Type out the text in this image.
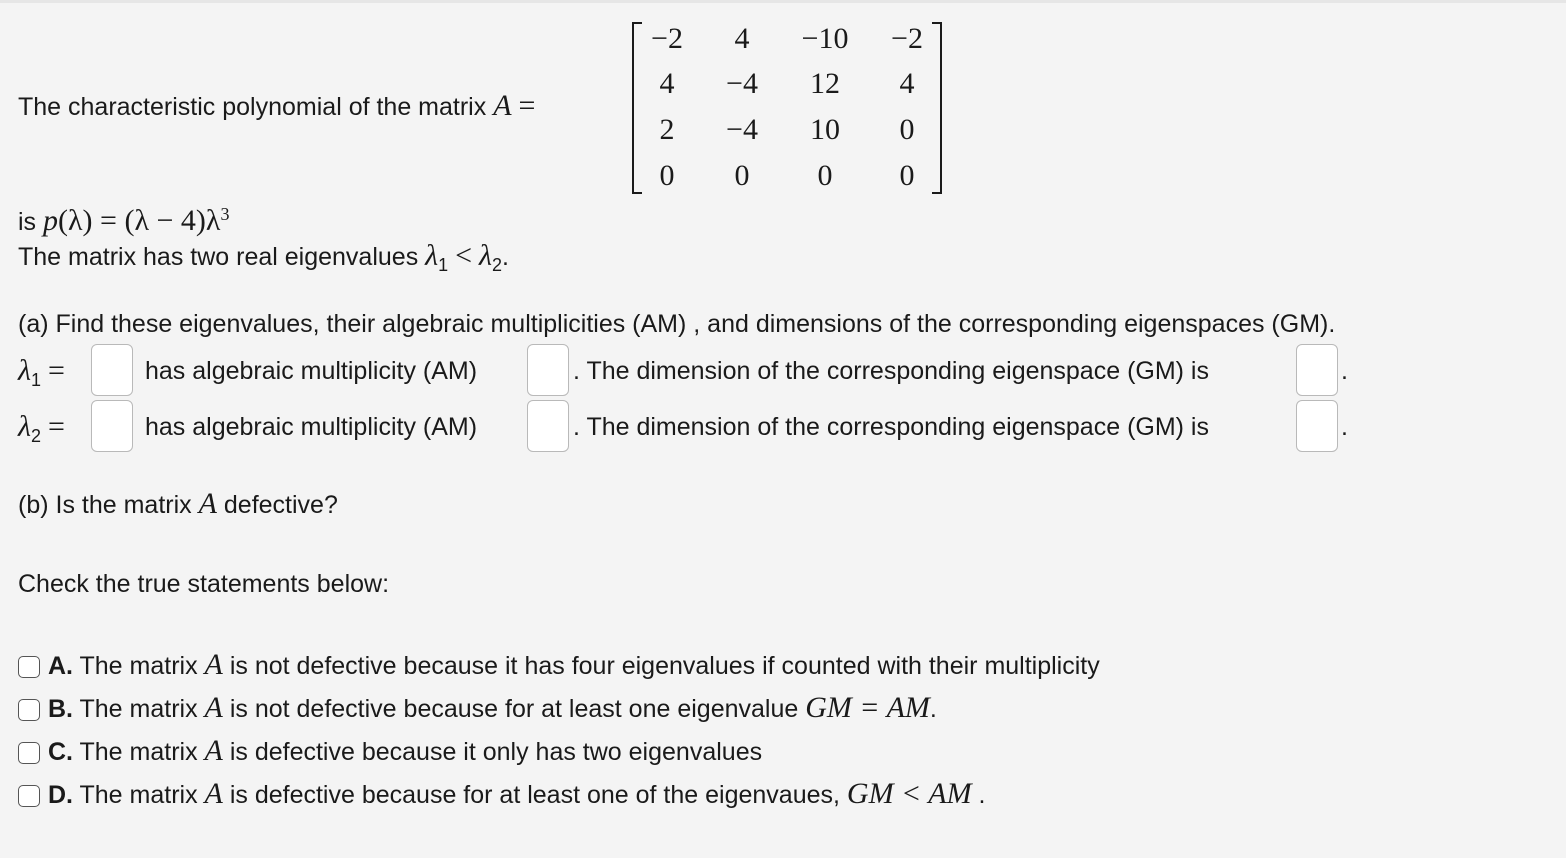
The characteristic polynomial of the matrix A =
−2	4	−10	−2
4	−4	12	4
2	−4	10	0
0	0	0	0
is $p(\lambda) = (\lambda - 4)\lambda^3$
The matrix has two real eigenvalues $\lambda_1 < \lambda_2$.
(a) Find these eigenvalues, their algebraic multiplicities (AM) , and dimensions of the corresponding eigenspaces (GM).
$\lambda_1$ =	has algebraic multiplicity (AM)	. The dimension of the corresponding eigenspace (GM) is	.
$\lambda_2$ =	has algebraic multiplicity (AM)	. The dimension of the corresponding eigenspace (GM) is	.
(b) Is the matrix A defective?
Check the true statements below:
A. The matrix A is not defective because it has four eigenvalues if counted with their multiplicity
B. The matrix A is not defective because for at least one eigenvalue GM = AM.
C. The matrix A is defective because it only has two eigenvalues
D. The matrix A is defective because for at least one of the eigenvaues, GM < AM .
